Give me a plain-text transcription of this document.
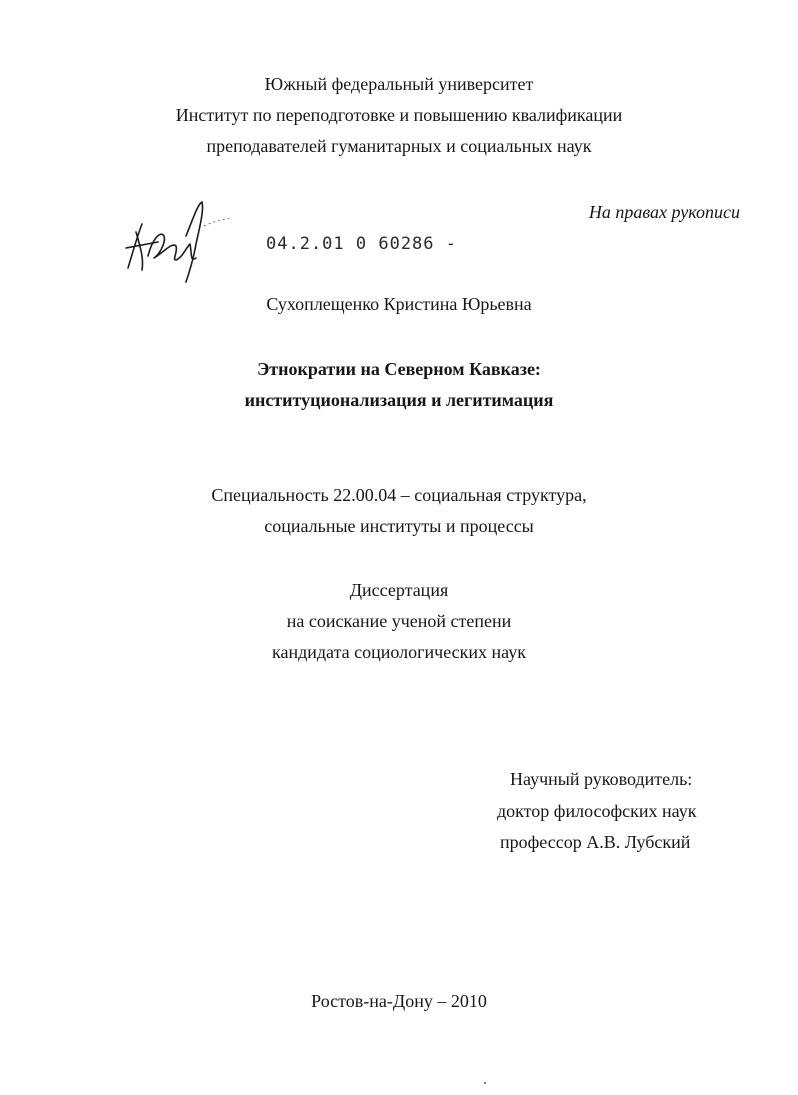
Южный федеральный университет
Институт по переподготовке и повышению квалификации
преподавателей гуманитарных и социальных наук
На правах рукописи
04.2.01 0 60286 -
Сухоплещенко Кристина Юрьевна
Этнократии на Северном Кавказе:
институционализация и легитимация
Специальность 22.00.04 – социальная структура,
социальные институты и процессы
Диссертация
на соискание ученой степени
кандидата социологических наук
Научный руководитель:
доктор философских наук
профессор А.В. Лубский
Ростов-на-Дону – 2010
